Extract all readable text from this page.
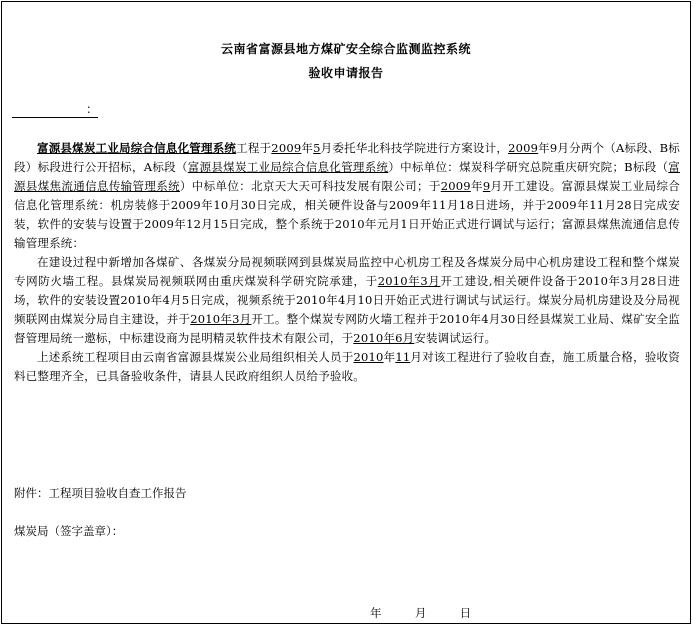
云南省富源县地方煤矿安全综合监测监控系统
验收申请报告
：

富源县煤炭工业局综合信息化管理系统工程于2009年5月委托华北科技学院进行方案设计，2009年9月分两个（A标段、B标段）标段进行公开招标，A标段（富源县煤炭工业局综合信息化管理系统）中标单位：煤炭科学研究总院重庆研究院；B标段（富源县煤焦流通信息传输管理系统）中标单位：北京天大天可科技发展有限公司；于2009年9月开工建设。富源县煤炭工业局综合信息化管理系统：机房装修于2009年10月30日完成，相关硬件设备与2009年11月18日进场，并于2009年11月28日完成安装，软件的安装与设置于2009年12月15日完成，整个系统于2010年元月1日开始正式进行调试与运行；富源县煤焦流通信息传输管理系统：

在建设过程中新增加各煤矿、各煤炭分局视频联网到县煤炭局监控中心机房工程及各煤炭分局中心机房建设工程和整个煤炭专网防火墙工程。县煤炭局视频联网由重庆煤炭科学研究院承建，于2010年3月开工建设,相关硬件设备于2010年3月28日进场，软件的安装设置2010年4月5日完成，视频系统于2010年4月10日开始正式进行调试与试运行。煤炭分局机房建设及分局视频联网由煤炭分局自主建设，并于2010年3月开工。整个煤炭专网防火墙工程并于2010年4月30日经县煤炭工业局、煤矿安全监督管理局统一邀标，中标建设商为昆明精灵软件技术有限公司，于2010年6月安装调试运行。

上述系统工程项目由云南省富源县煤炭公业局组织相关人员于2010年11月对该工程进行了验收自查，施工质量合格，验收资料已整理齐全，已具备验收条件，请县人民政府组织人员给予验收。

附件：工程项目验收自查工作报告
煤炭局（签字盖章）：
年	月	日
